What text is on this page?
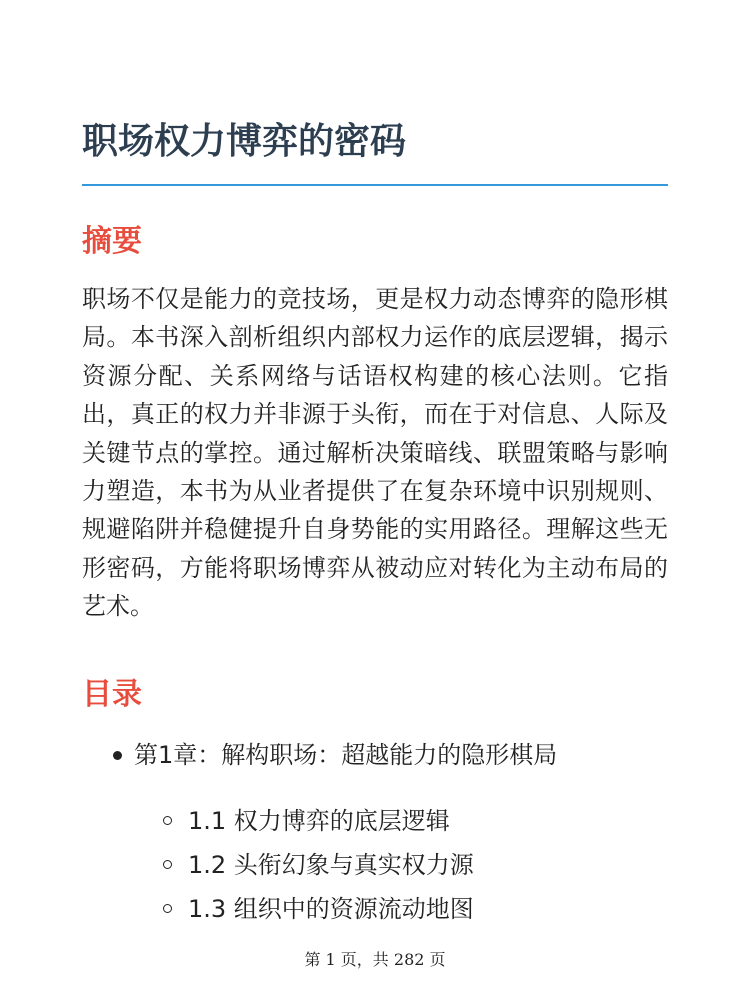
职场权力博弈的密码
摘要

职场不仅是能力的竞技场，更是权力动态博弈的隐形棋局。本书深入剖析组织内部权力运作的底层逻辑，揭示资源分配、关系网络与话语权构建的核心法则。它指出，真正的权力并非源于头衔，而在于对信息、人际及关键节点的掌控。通过解析决策暗线、联盟策略与影响力塑造，本书为从业者提供了在复杂环境中识别规则、规避陷阱并稳健提升自身势能的实用路径。理解这些无形密码，方能将职场博弈从被动应对转化为主动布局的艺术。

目录
第1章：解构职场：超越能力的隐形棋局
1.1 权力博弈的底层逻辑
1.2 头衔幻象与真实权力源
1.3 组织中的资源流动地图
第 1 页，共 282 页
